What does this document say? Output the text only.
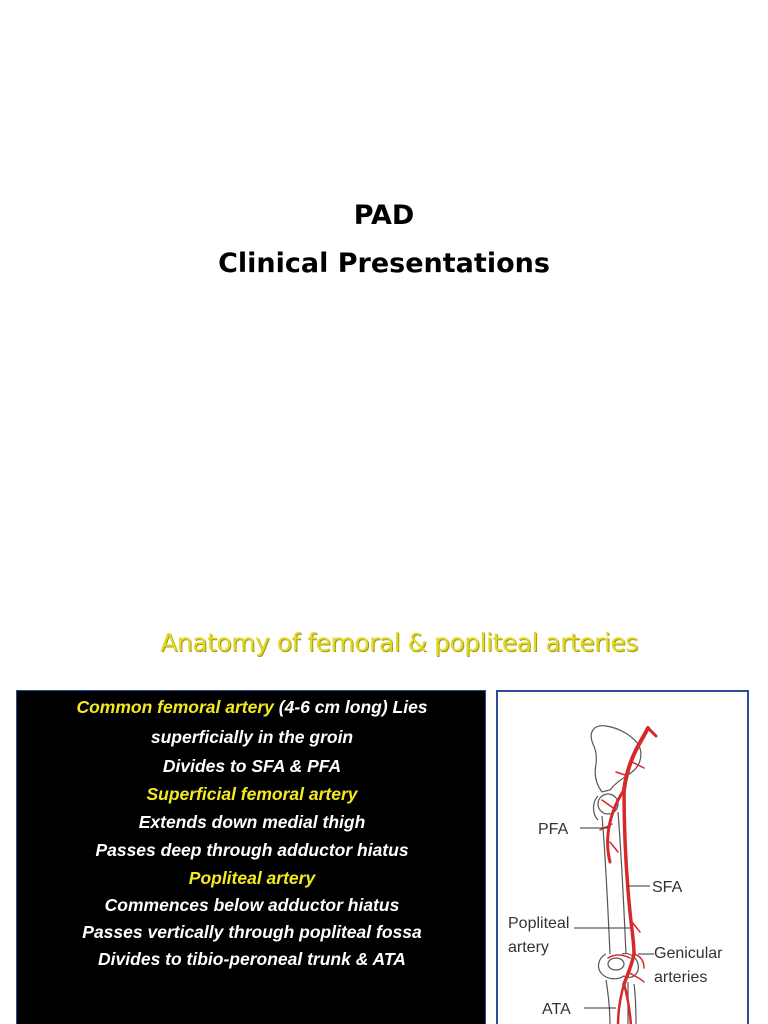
PAD
Clinical Presentations
Anatomy of femoral & popliteal arteries
Common femoral artery (4-6 cm long) Lies
superficially in the groin
Divides to SFA & PFA
Superficial femoral artery
Extends down medial thigh
Passes deep through adductor hiatus
Popliteal artery
Commences below adductor hiatus
Passes vertically through popliteal fossa
Divides to tibio-peroneal trunk & ATA
PFA
SFA
Popliteal
artery	Genicular
arteries
ATA
